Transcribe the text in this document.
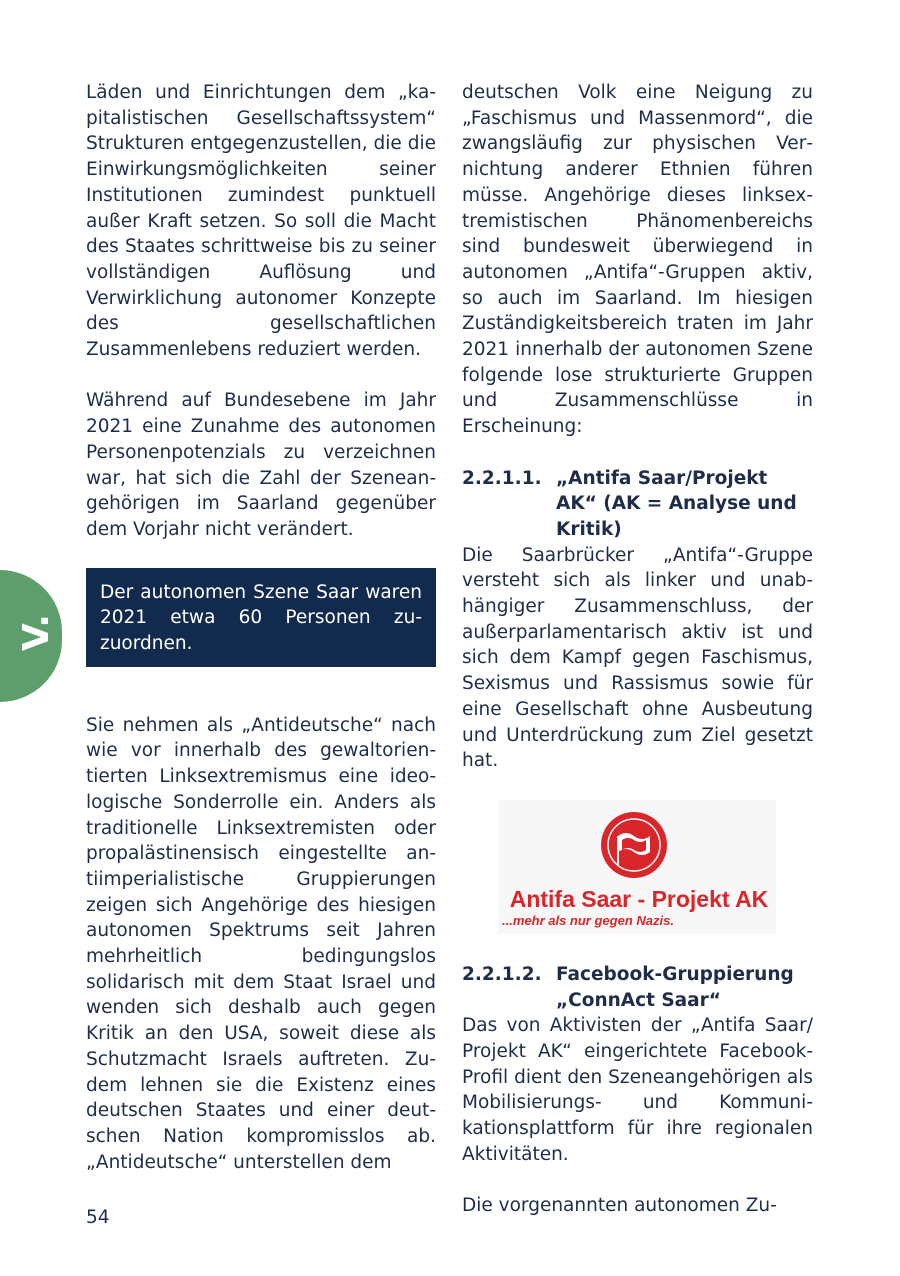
V.

Läden und Einrichtungen dem „kapitalistischen Gesellschaftssystem“ Strukturen entgegenzustellen, die die Einwirkungsmöglichkeiten seiner Institutionen zumindest punktuell außer Kraft setzen. So soll die Macht des Staates schrittweise bis zu seiner vollständigen Auflösung und Verwirklichung autonomer Konzepte des gesellschaftlichen Zusammenlebens reduziert werden.

Während auf Bundesebene im Jahr 2021 eine Zunahme des autonomen Personenpotenzials zu verzeichnen war, hat sich die Zahl der Szeneangehörigen im Saarland gegenüber dem Vorjahr nicht verändert.

Der autonomen Szene Saar waren 2021 etwa 60 Personen zuzuordnen.

Sie nehmen als „Antideutsche“ nach wie vor innerhalb des gewaltorientierten Linksextremismus eine ideologische Sonderrolle ein. Anders als traditionelle Linksextremisten oder propalästinensisch eingestellte antiimperialistische Gruppierungen zeigen sich Angehörige des hiesigen autonomen Spektrums seit Jahren mehrheitlich bedingungslos solidarisch mit dem Staat Israel und wenden sich deshalb auch gegen Kritik an den USA, soweit diese als Schutzmacht Israels auftreten. Zudem lehnen sie die Existenz eines deutschen Staates und einer deutschen Nation kompromisslos ab. „Antideutsche“ unterstellen dem

deutschen Volk eine Neigung zu „Faschismus und Massenmord“, die zwangsläufig zur physischen Vernichtung anderer Ethnien führen müsse. Angehörige dieses linksextremistischen Phänomenbereichs sind bundesweit überwiegend in autonomen „Antifa“-Gruppen aktiv, so auch im Saarland. Im hiesigen Zuständigkeitsbereich traten im Jahr 2021 innerhalb der autonomen Szene folgende lose strukturierte Gruppen und Zusammenschlüsse in Erscheinung:

2.2.1.1. „Antifa Saar/Projekt AK“ (AK = Analyse und Kritik)

Die Saarbrücker „Antifa“-Gruppe versteht sich als linker und unabhängiger Zusammenschluss, der außerparlamentarisch aktiv ist und sich dem Kampf gegen Faschismus, Sexismus und Rassismus sowie für eine Gesellschaft ohne Ausbeutung und Unterdrückung zum Ziel gesetzt hat.

Antifa Saar - Projekt AK
...mehr als nur gegen Nazis.
2.2.1.2. Facebook-Gruppierung „ConnAct Saar“

Das von Aktivisten der „Antifa Saar/ Projekt AK“ eingerichtete Facebook-Profil dient den Szeneangehörigen als Mobilisierungs- und Kommunikationsplattform für ihre regionalen Aktivitäten.

Die vorgenannten autonomen Zu-

54
